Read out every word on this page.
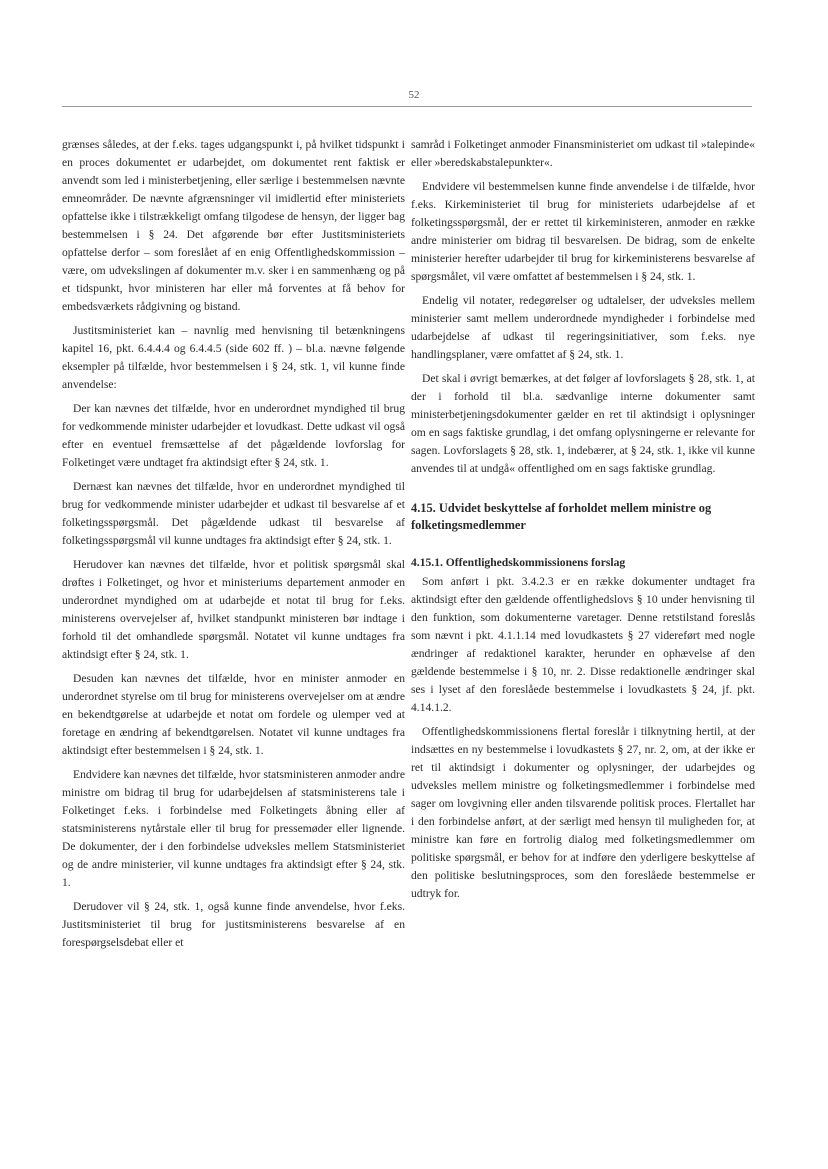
52

grænses således, at der f.eks. tages udgangspunkt i, på hvilket tidspunkt i en proces dokumentet er udarbejdet, om dokumentet rent faktisk er anvendt som led i ministerbetjening, eller særlige i bestemmelsen nævnte emneområder. De nævnte afgrænsninger vil imidlertid efter ministeriets opfattelse ikke i tilstrækkeligt omfang tilgodese de hensyn, der ligger bag bestemmelsen i § 24. Det afgørende bør efter Justitsministeriets opfattelse derfor – som foreslået af en enig Offentlighedskommission – være, om udvekslingen af dokumenter m.v. sker i en sammenhæng og på et tidspunkt, hvor ministeren har eller må forventes at få behov for embedsværkets rådgivning og bistand.

Justitsministeriet kan – navnlig med henvisning til betænkningens kapitel 16, pkt. 6.4.4.4 og 6.4.4.5 (side 602 ff. ) – bl.a. nævne følgende eksempler på tilfælde, hvor bestemmelsen i § 24, stk. 1, vil kunne finde anvendelse:

Der kan nævnes det tilfælde, hvor en underordnet myndighed til brug for vedkommende minister udarbejder et lovudkast. Dette udkast vil også efter en eventuel fremsættelse af det pågældende lovforslag for Folketinget være undtaget fra aktindsigt efter § 24, stk. 1.

Dernæst kan nævnes det tilfælde, hvor en underordnet myndighed til brug for vedkommende minister udarbejder et udkast til besvarelse af et folketingsspørgsmål. Det pågældende udkast til besvarelse af folketingsspørgsmål vil kunne undtages fra aktindsigt efter § 24, stk. 1.

Herudover kan nævnes det tilfælde, hvor et politisk spørgsmål skal drøftes i Folketinget, og hvor et ministeriums departement anmoder en underordnet myndighed om at udarbejde et notat til brug for f.eks. ministerens overvejelser af, hvilket standpunkt ministeren bør indtage i forhold til det omhandlede spørgsmål. Notatet vil kunne undtages fra aktindsigt efter § 24, stk. 1.

Desuden kan nævnes det tilfælde, hvor en minister anmoder en underordnet styrelse om til brug for ministerens overvejelser om at ændre en bekendtgørelse at udarbejde et notat om fordele og ulemper ved at foretage en ændring af bekendtgørelsen. Notatet vil kunne undtages fra aktindsigt efter bestemmelsen i § 24, stk. 1.

Endvidere kan nævnes det tilfælde, hvor statsministeren anmoder andre ministre om bidrag til brug for udarbejdelsen af statsministerens tale i Folketinget f.eks. i forbindelse med Folketingets åbning eller af statsministerens nytårstale eller til brug for pressemøder eller lignende. De dokumenter, der i den forbindelse udveksles mellem Statsministeriet og de andre ministerier, vil kunne undtages fra aktindsigt efter § 24, stk. 1.

Derudover vil § 24, stk. 1, også kunne finde anvendelse, hvor f.eks. Justitsministeriet til brug for justitsministerens besvarelse af en forespørgselsdebat eller et

samråd i Folketinget anmoder Finansministeriet om udkast til »talepinde« eller »beredskabstalepunkter«.

Endvidere vil bestemmelsen kunne finde anvendelse i de tilfælde, hvor f.eks. Kirkeministeriet til brug for ministeriets udarbejdelse af et folketingsspørgsmål, der er rettet til kirkeministeren, anmoder en række andre ministerier om bidrag til besvarelsen. De bidrag, som de enkelte ministerier herefter udarbejder til brug for kirkeministerens besvarelse af spørgsmålet, vil være omfattet af bestemmelsen i § 24, stk. 1.

Endelig vil notater, redegørelser og udtalelser, der udveksles mellem ministerier samt mellem underordnede myndigheder i forbindelse med udarbejdelse af udkast til regeringsinitiativer, som f.eks. nye handlingsplaner, være omfattet af § 24, stk. 1.

Det skal i øvrigt bemærkes, at det følger af lovforslagets § 28, stk. 1, at der i forhold til bl.a. sædvanlige interne dokumenter samt ministerbetjeningsdokumenter gælder en ret til aktindsigt i oplysninger om en sags faktiske grundlag, i det omfang oplysningerne er relevante for sagen. Lovforslagets § 28, stk. 1, indebærer, at § 24, stk. 1, ikke vil kunne anvendes til at undgå« offentlighed om en sags faktiske grundlag.

4.15. Udvidet beskyttelse af forholdet mellem ministre og folketingsmedlemmer
4.15.1. Offentlighedskommissionens forslag

Som anført i pkt. 3.4.2.3 er en række dokumenter undtaget fra aktindsigt efter den gældende offentlighedslovs § 10 under henvisning til den funktion, som dokumenterne varetager. Denne retstilstand foreslås som nævnt i pkt. 4.1.1.14 med lovudkastets § 27 videreført med nogle ændringer af redaktionel karakter, herunder en ophævelse af den gældende bestemmelse i § 10, nr. 2. Disse redaktionelle ændringer skal ses i lyset af den foreslåede bestemmelse i lovudkastets § 24, jf. pkt. 4.14.1.2.

Offentlighedskommissionens flertal foreslår i tilknytning hertil, at der indsættes en ny bestemmelse i lovudkastets § 27, nr. 2, om, at der ikke er ret til aktindsigt i dokumenter og oplysninger, der udarbejdes og udveksles mellem ministre og folketingsmedlemmer i forbindelse med sager om lovgivning eller anden tilsvarende politisk proces. Flertallet har i den forbindelse anført, at der særligt med hensyn til muligheden for, at ministre kan føre en fortrolig dialog med folketingsmedlemmer om politiske spørgsmål, er behov for at indføre den yderligere beskyttelse af den politiske beslutningsproces, som den foreslåede bestemmelse er udtryk for.
